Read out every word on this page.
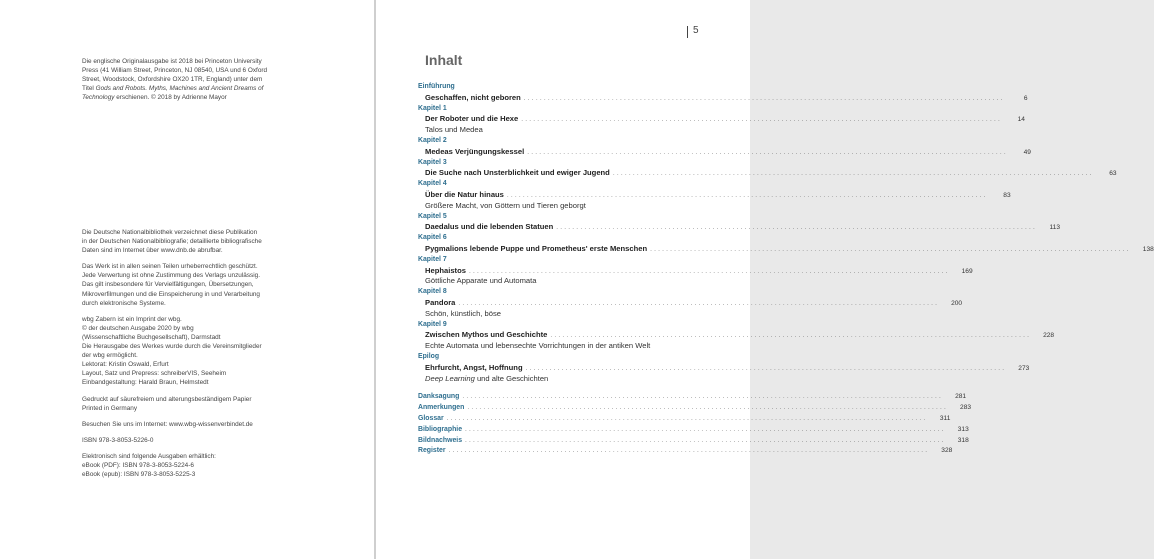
Die englische Originalausgabe ist 2018 bei Princeton University
Press (41 William Street, Princeton, NJ 08540, USA und 6 Oxford
Street, Woodstock, Oxfordshire OX20 1TR, England) unter dem
Titel Gods and Robots. Myths, Machines and Ancient Dreams of
Technology erschienen. © 2018 by Adrienne Mayor

Die Deutsche Nationalbibliothek verzeichnet diese Publikation
in der Deutschen Nationalbibliografie; detaillierte bibliografische
Daten sind im Internet über www.dnb.de abrufbar.

Das Werk ist in allen seinen Teilen urheberrechtlich geschützt.
Jede Verwertung ist ohne Zustimmung des Verlags unzulässig.
Das gilt insbesondere für Vervielfältigungen, Übersetzungen,
Mikroverfilmungen und die Einspeicherung in und Verarbeitung
durch elektronische Systeme.

wbg Zabern ist ein Imprint der wbg.
© der deutschen Ausgabe 2020 by wbg
(Wissenschaftliche Buchgesellschaft), Darmstadt
Die Herausgabe des Werkes wurde durch die Vereinsmitglieder
der wbg ermöglicht.
Lektorat: Kristin Oswald, Erfurt
Layout, Satz und Prepress: schreiberVIS, Seeheim
Einbandgestaltung: Harald Braun, Helmstedt

Gedruckt auf säurefreiem und alterungsbeständigem Papier
Printed in Germany

Besuchen Sie uns im Internet: www.wbg-wissenverbindet.de

ISBN 978-3-8053-5226-0

Elektronisch sind folgende Ausgaben erhältlich:
eBook (PDF): ISBN 978-3-8053-5224-6
eBook (epub): ISBN 978-3-8053-5225-3

5
Inhalt
Einführung
Geschaffen, nicht geboren ........................................................................................................................	6
Kapitel 1
Der Roboter und die Hexe ........................................................................................................................	14
Talos und Medea
Kapitel 2
Medeas Verjüngungskessel ........................................................................................................................	49
Kapitel 3
Die Suche nach Unsterblichkeit und ewiger Jugend ........................................................................................................................	63
Kapitel 4
Über die Natur hinaus ........................................................................................................................	83
Größere Macht, von Göttern und Tieren geborgt
Kapitel 5
Daedalus und die lebenden Statuen ........................................................................................................................	113
Kapitel 6
Pygmalions lebende Puppe und Prometheus' erste Menschen ........................................................................................................................	138
Kapitel 7
Hephaistos ........................................................................................................................	169
Göttliche Apparate und Automata
Kapitel 8
Pandora ........................................................................................................................	200
Schön, künstlich, böse
Kapitel 9
Zwischen Mythos und Geschichte ........................................................................................................................	228
Echte Automata und lebensechte Vorrichtungen in der antiken Welt
Epilog
Ehrfurcht, Angst, Hoffnung ........................................................................................................................	273
Deep Learning und alte Geschichten
Danksagung ........................................................................................................................	281
Anmerkungen ........................................................................................................................	283
Glossar ........................................................................................................................	311
Bibliographie ........................................................................................................................	313
Bildnachweis ........................................................................................................................	318
Register ........................................................................................................................	328
